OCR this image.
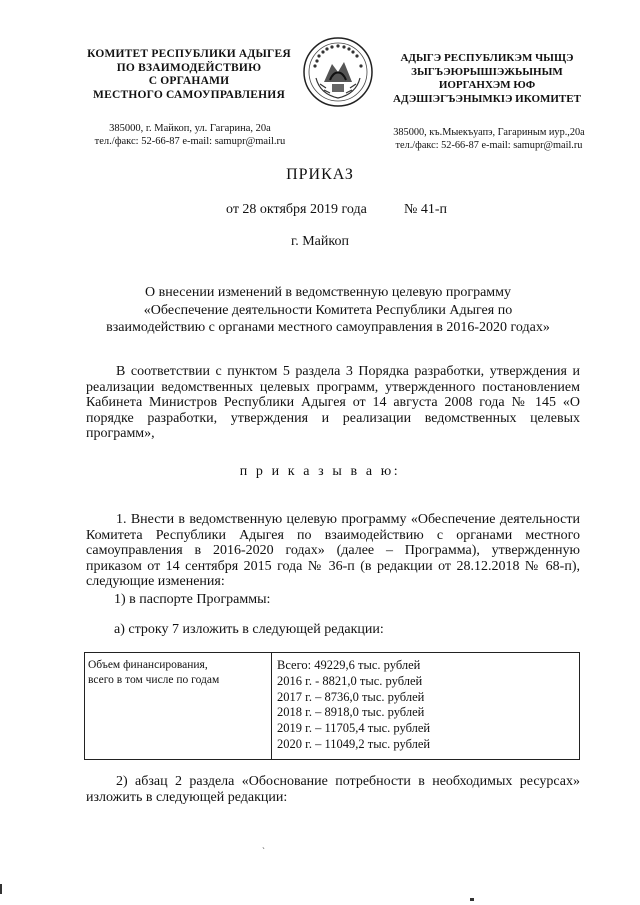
КОМИТЕТ РЕСПУБЛИКИ АДЫГЕЯ
ПО ВЗАИМОДЕЙСТВИЮ
С ОРГАНАМИ
МЕСТНОГО САМОУПРАВЛЕНИЯ
АДЫГЭ РЕСПУБЛИКЭМ ЧЫЩЭ
ЗЫГЪЭЮРЫШІЭЖЬЫНЫМ
ИОРГАНХЭМ ЮФ
АДЭШІЭГЪЭНЫМКІЭ ИКОМИТЕТ
385000, г. Майкоп, ул. Гагарина, 20а
тел./факс: 52-66-87 e-mail: samupr@mail.ru
385000, къ.Мыекъуапэ, Гагариным иур.,20а
тел./факс: 52-66-87 e-mail: samupr@mail.ru
ПРИКАЗ
от 28 октября 2019 года	№ 41-п
г. Майкоп
О внесении изменений в ведомственную целевую программу
«Обеспечение деятельности Комитета Республики Адыгея по
взаимодействию с органами местного самоуправления в 2016-2020 годах»
В соответствии с пунктом 5 раздела 3 Порядка разработки, утверждения и реализации ведомственных целевых программ, утвержденного постановлением Кабинета Министров Республики Адыгея от 14 августа 2008 года № 145 «О порядке разработки, утверждения и реализации ведомственных целевых программ»,
п р и к а з ы в а ю:
1. Внести в ведомственную целевую программу «Обеспечение деятельности Комитета Республики Адыгея по взаимодействию с органами местного самоуправления в 2016-2020 годах» (далее – Программа), утвержденную приказом от 14 сентября 2015 года № 36-п (в редакции от 28.12.2018 № 68-п), следующие изменения:
1) в паспорте Программы:
а) строку 7 изложить в следующей редакции:
Объем финансирования,
всего в том числе по годам
Всего: 49229,6 тыс. рублей
2016 г. - 8821,0 тыс. рублей
2017 г. – 8736,0 тыс. рублей
2018 г. – 8918,0 тыс. рублей
2019 г. – 11705,4 тыс. рублей
2020 г. – 11049,2 тыс. рублей
2) абзац 2 раздела «Обоснование потребности в необходимых ресурсах» изложить в следующей редакции:
`
